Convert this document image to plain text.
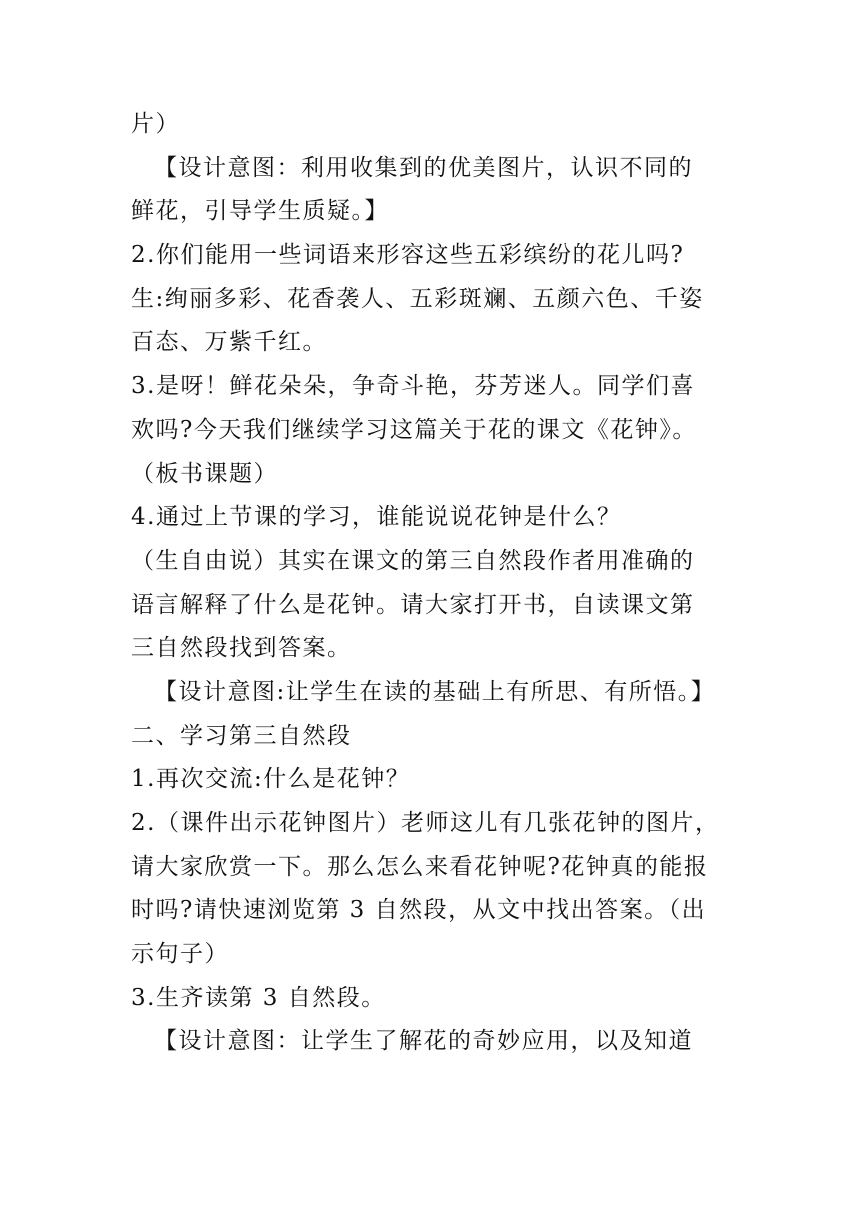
片）
【设计意图：利用收集到的优美图片，认识不同的
鲜花，引导学生质疑。】
2.你们能用一些词语来形容这些五彩缤纷的花儿吗?
生:绚丽多彩、花香袭人、五彩斑斓、五颜六色、千姿
百态、万紫千红。
3.是呀！鲜花朵朵，争奇斗艳，芬芳迷人。同学们喜
欢吗?今天我们继续学习这篇关于花的课文《花钟》。
（板书课题）
4.通过上节课的学习，谁能说说花钟是什么？
（生自由说）其实在课文的第三自然段作者用准确的
语言解释了什么是花钟。请大家打开书，自读课文第
三自然段找到答案。
【设计意图:让学生在读的基础上有所思、有所悟。】
二、学习第三自然段
1.再次交流:什么是花钟？
2.（课件出示花钟图片）老师这儿有几张花钟的图片，
请大家欣赏一下。那么怎么来看花钟呢?花钟真的能报
时吗?请快速浏览第 3 自然段，从文中找出答案。（出
示句子）
3.生齐读第 3 自然段。
【设计意图：让学生了解花的奇妙应用，以及知道
